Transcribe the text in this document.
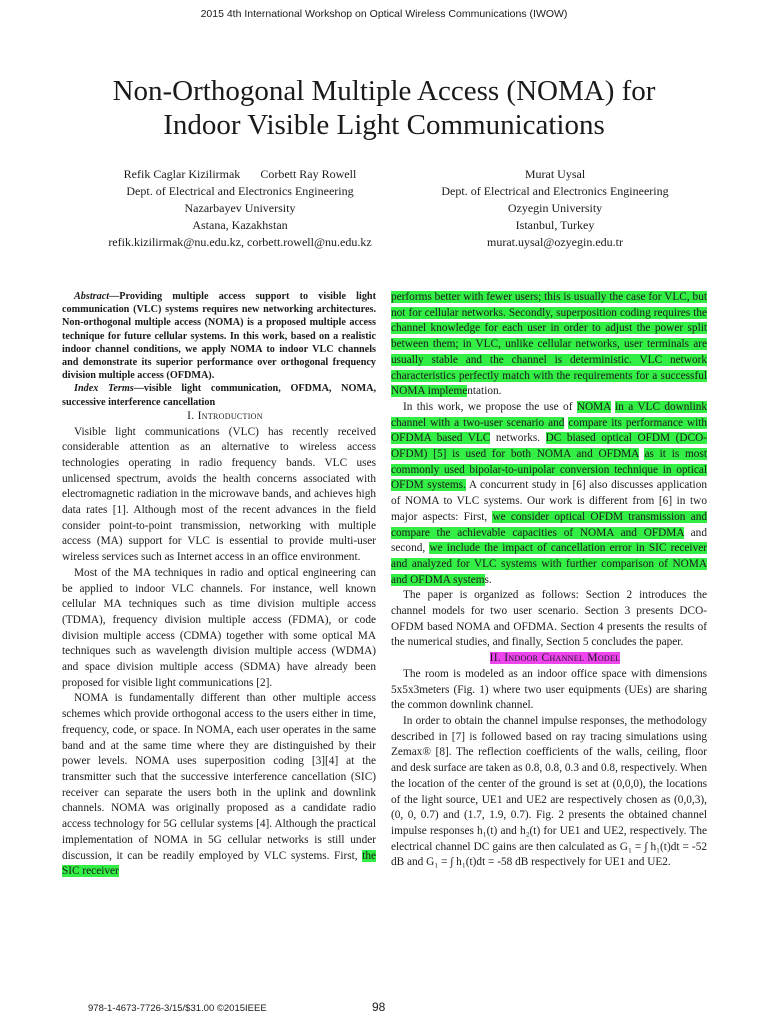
2015 4th International Workshop on Optical Wireless Communications (IWOW)
Non-Orthogonal Multiple Access (NOMA) for
Indoor Visible Light Communications
Refik Caglar Kizilirmak Corbett Ray Rowell
Dept. of Electrical and Electronics Engineering
Nazarbayev University
Astana, Kazakhstan
refik.kizilirmak@nu.edu.kz, corbett.rowell@nu.edu.kz
Murat Uysal
Dept. of Electrical and Electronics Engineering
Ozyegin University
Istanbul, Turkey
murat.uysal@ozyegin.edu.tr

Abstract—Providing multiple access support to visible light communication (VLC) systems requires new networking architectures. Non-orthogonal multiple access (NOMA) is a proposed multiple access technique for future cellular systems. In this work, based on a realistic indoor channel conditions, we apply NOMA to indoor VLC channels and demonstrate its superior performance over orthogonal frequency division multiple access (OFDMA).

Index Terms—visible light communication, OFDMA, NOMA, successive interference cancellation

I. Introduction

Visible light communications (VLC) has recently received considerable attention as an alternative to wireless access technologies operating in radio frequency bands. VLC uses unlicensed spectrum, avoids the health concerns associated with electromagnetic radiation in the microwave bands, and achieves high data rates [1]. Although most of the recent advances in the field consider point-to-point transmission, networking with multiple access (MA) support for VLC is essential to provide multi-user wireless services such as Internet access in an office environment.

Most of the MA techniques in radio and optical engineering can be applied to indoor VLC channels. For instance, well known cellular MA techniques such as time division multiple access (TDMA), frequency division multiple access (FDMA), or code division multiple access (CDMA) together with some optical MA techniques such as wavelength division multiple access (WDMA) and space division multiple access (SDMA) have already been proposed for visible light communications [2].

NOMA is fundamentally different than other multiple access schemes which provide orthogonal access to the users either in time, frequency, code, or space. In NOMA, each user operates in the same band and at the same time where they are distinguished by their power levels. NOMA uses superposition coding [3][4] at the transmitter such that the successive interference cancellation (SIC) receiver can separate the users both in the uplink and downlink channels. NOMA was originally proposed as a candidate radio access technology for 5G cellular systems [4]. Although the practical implementation of NOMA in 5G cellular networks is still under discussion, it can be readily employed by VLC systems. First, the SIC receiver

performs better with fewer users; this is usually the case for VLC, but not for cellular networks. Secondly, superposition coding requires the channel knowledge for each user in order to adjust the power split between them; in VLC, unlike cellular networks, user terminals are usually stable and the channel is deterministic. VLC network characteristics perfectly match with the requirements for a successful NOMA implementation.

In this work, we propose the use of NOMA in a VLC downlink channel with a two-user scenario and compare its performance with OFDMA based VLC networks. DC biased optical OFDM (DCO-OFDM) [5] is used for both NOMA and OFDMA as it is most commonly used bipolar-to-unipolar conversion technique in optical OFDM systems. A concurrent study in [6] also discusses application of NOMA to VLC systems. Our work is different from [6] in two major aspects: First, we consider optical OFDM transmission and compare the achievable capacities of NOMA and OFDMA and second, we include the impact of cancellation error in SIC receiver and analyzed for VLC systems with further comparison of NOMA and OFDMA systems.

The paper is organized as follows: Section 2 introduces the channel models for two user scenario. Section 3 presents DCO-OFDM based NOMA and OFDMA. Section 4 presents the results of the numerical studies, and finally, Section 5 concludes the paper.

II. Indoor Channel Model

The room is modeled as an indoor office space with dimensions 5x5x3meters (Fig. 1) where two user equipments (UEs) are sharing the common downlink channel.

In order to obtain the channel impulse responses, the methodology described in [7] is followed based on ray tracing simulations using Zemax® [8]. The reflection coefficients of the walls, ceiling, floor and desk surface are taken as 0.8, 0.8, 0.3 and 0.8, respectively. When the location of the center of the ground is set at (0,0,0), the locations of the light source, UE1 and UE2 are respectively chosen as (0,0,3), (0, 0, 0.7) and (1.7, 1.9, 0.7). Fig. 2 presents the obtained channel impulse responses h₁(t) and h₂(t) for UE1 and UE2, respectively. The electrical channel DC gains are then calculated as G₁ = ∫ h₁(t)dt = -52 dB and G₁ = ∫ h₁(t)dt = -58 dB respectively for UE1 and UE2.

978-1-4673-7726-3/15/$31.00 ©2015IEEE	98
